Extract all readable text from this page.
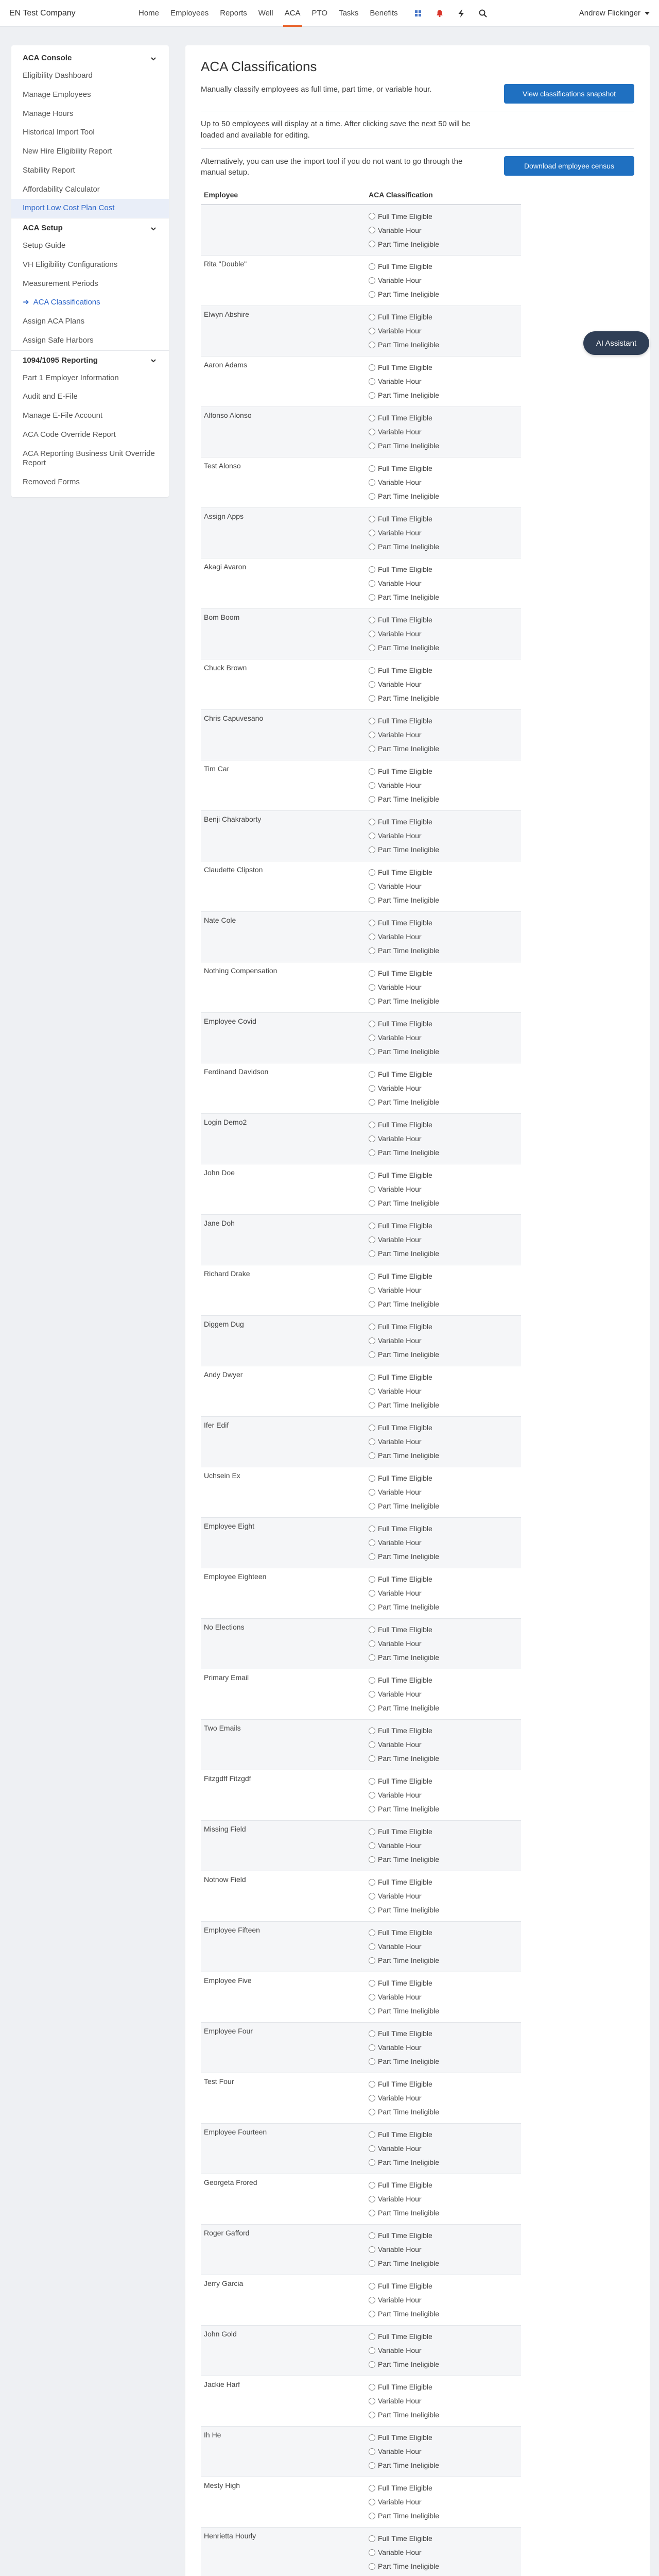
EN Test Company	Home	Employees	Reports	Well	ACA	PTO	Tasks	Benefits	Andrew Flickinger
ACA Console
Eligibility Dashboard
Manage Employees
Manage Hours
Historical Import Tool
New Hire Eligibility Report
Stability Report
Affordability Calculator
Import Low Cost Plan Cost
ACA Setup
Setup Guide
VH Eligibility Configurations
Measurement Periods
➜ ACA Classifications
Assign ACA Plans
Assign Safe Harbors
1094/1095 Reporting
Part 1 Employer Information
Audit and E-File
Manage E-File Account
ACA Code Override Report
ACA Reporting Business Unit Override Report
Removed Forms
ACA Classifications
Manually classify employees as full time, part time, or variable hour.	View classifications snapshot
Up to 50 employees will display at a time. After clicking save the next 50 will be loaded and available for editing.
Alternatively, you can use the import tool if you do not want to go through the manual setup.
Download employee census
Employee	ACA Classification

	Full Time Eligible
Variable Hour
Part Time Ineligible

Rita "Double"	Full Time Eligible
Variable Hour
Part Time Ineligible

Elwyn Abshire	Full Time Eligible
Variable Hour
Part Time Ineligible

Aaron Adams	Full Time Eligible
Variable Hour
Part Time Ineligible

Alfonso Alonso	Full Time Eligible
Variable Hour
Part Time Ineligible

Test Alonso	Full Time Eligible
Variable Hour
Part Time Ineligible

Assign Apps	Full Time Eligible
Variable Hour
Part Time Ineligible

Akagi Avaron	Full Time Eligible
Variable Hour
Part Time Ineligible

Bom Boom	Full Time Eligible
Variable Hour
Part Time Ineligible

Chuck Brown	Full Time Eligible
Variable Hour
Part Time Ineligible

Chris Capuvesano	Full Time Eligible
Variable Hour
Part Time Ineligible

Tim Car	Full Time Eligible
Variable Hour
Part Time Ineligible

Benji Chakraborty	Full Time Eligible
Variable Hour
Part Time Ineligible

Claudette Clipston	Full Time Eligible
Variable Hour
Part Time Ineligible

Nate Cole	Full Time Eligible
Variable Hour
Part Time Ineligible

Nothing Compensation	Full Time Eligible
Variable Hour
Part Time Ineligible

Employee Covid	Full Time Eligible
Variable Hour
Part Time Ineligible

Ferdinand Davidson	Full Time Eligible
Variable Hour
Part Time Ineligible

Login Demo2	Full Time Eligible
Variable Hour
Part Time Ineligible

John Doe	Full Time Eligible
Variable Hour
Part Time Ineligible

Jane Doh	Full Time Eligible
Variable Hour
Part Time Ineligible

Richard Drake	Full Time Eligible
Variable Hour
Part Time Ineligible

Diggem Dug	Full Time Eligible
Variable Hour
Part Time Ineligible

Andy Dwyer	Full Time Eligible
Variable Hour
Part Time Ineligible

Ifer Edif	Full Time Eligible
Variable Hour
Part Time Ineligible

Uchsein Ex	Full Time Eligible
Variable Hour
Part Time Ineligible

Employee Eight	Full Time Eligible
Variable Hour
Part Time Ineligible

Employee Eighteen	Full Time Eligible
Variable Hour
Part Time Ineligible

No Elections	Full Time Eligible
Variable Hour
Part Time Ineligible

Primary Email	Full Time Eligible
Variable Hour
Part Time Ineligible

Two Emails	Full Time Eligible
Variable Hour
Part Time Ineligible

Fitzgdff Fitzgdf	Full Time Eligible
Variable Hour
Part Time Ineligible

Missing Field	Full Time Eligible
Variable Hour
Part Time Ineligible

Notnow Field	Full Time Eligible
Variable Hour
Part Time Ineligible

Employee Fifteen	Full Time Eligible
Variable Hour
Part Time Ineligible

Employee Five	Full Time Eligible
Variable Hour
Part Time Ineligible

Employee Four	Full Time Eligible
Variable Hour
Part Time Ineligible

Test Four	Full Time Eligible
Variable Hour
Part Time Ineligible

Employee Fourteen	Full Time Eligible
Variable Hour
Part Time Ineligible

Georgeta Frored	Full Time Eligible
Variable Hour
Part Time Ineligible

Roger Gafford	Full Time Eligible
Variable Hour
Part Time Ineligible

Jerry Garcia	Full Time Eligible
Variable Hour
Part Time Ineligible

John Gold	Full Time Eligible
Variable Hour
Part Time Ineligible

Jackie Harf	Full Time Eligible
Variable Hour
Part Time Ineligible

Ih He	Full Time Eligible
Variable Hour
Part Time Ineligible

Mesty High	Full Time Eligible
Variable Hour
Part Time Ineligible

Henrietta Hourly	Full Time Eligible
Variable Hour
Part Time Ineligible

AI Assistant
